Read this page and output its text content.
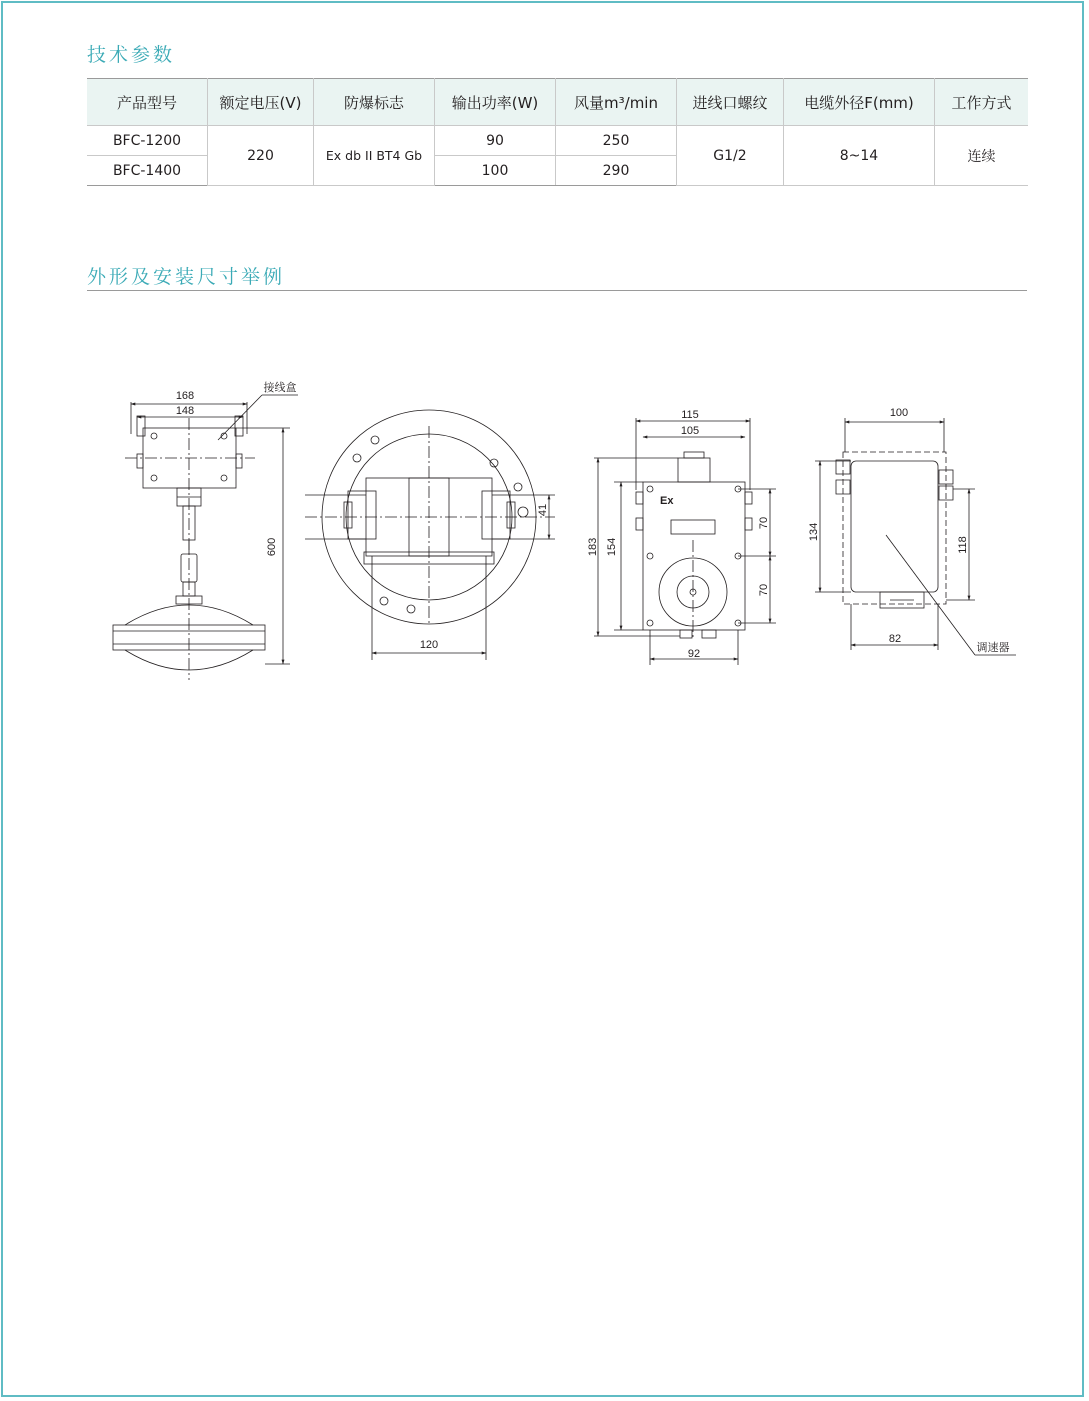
技术参数
产品型号	额定电压(V)	防爆标志	输出功率(W)	风量m³/min	进线口螺纹	电缆外径F(mm)	工作方式
BFC-1200	220	Ex db II BT4 Gb	90	250	G1/2	8~14	连续
BFC-1400			100	290			
外形及安装尺寸举例
168
148
接线盒
600
41
120
115
105
183 154
70
70
92
Ex
100
134
118
82
调速器
